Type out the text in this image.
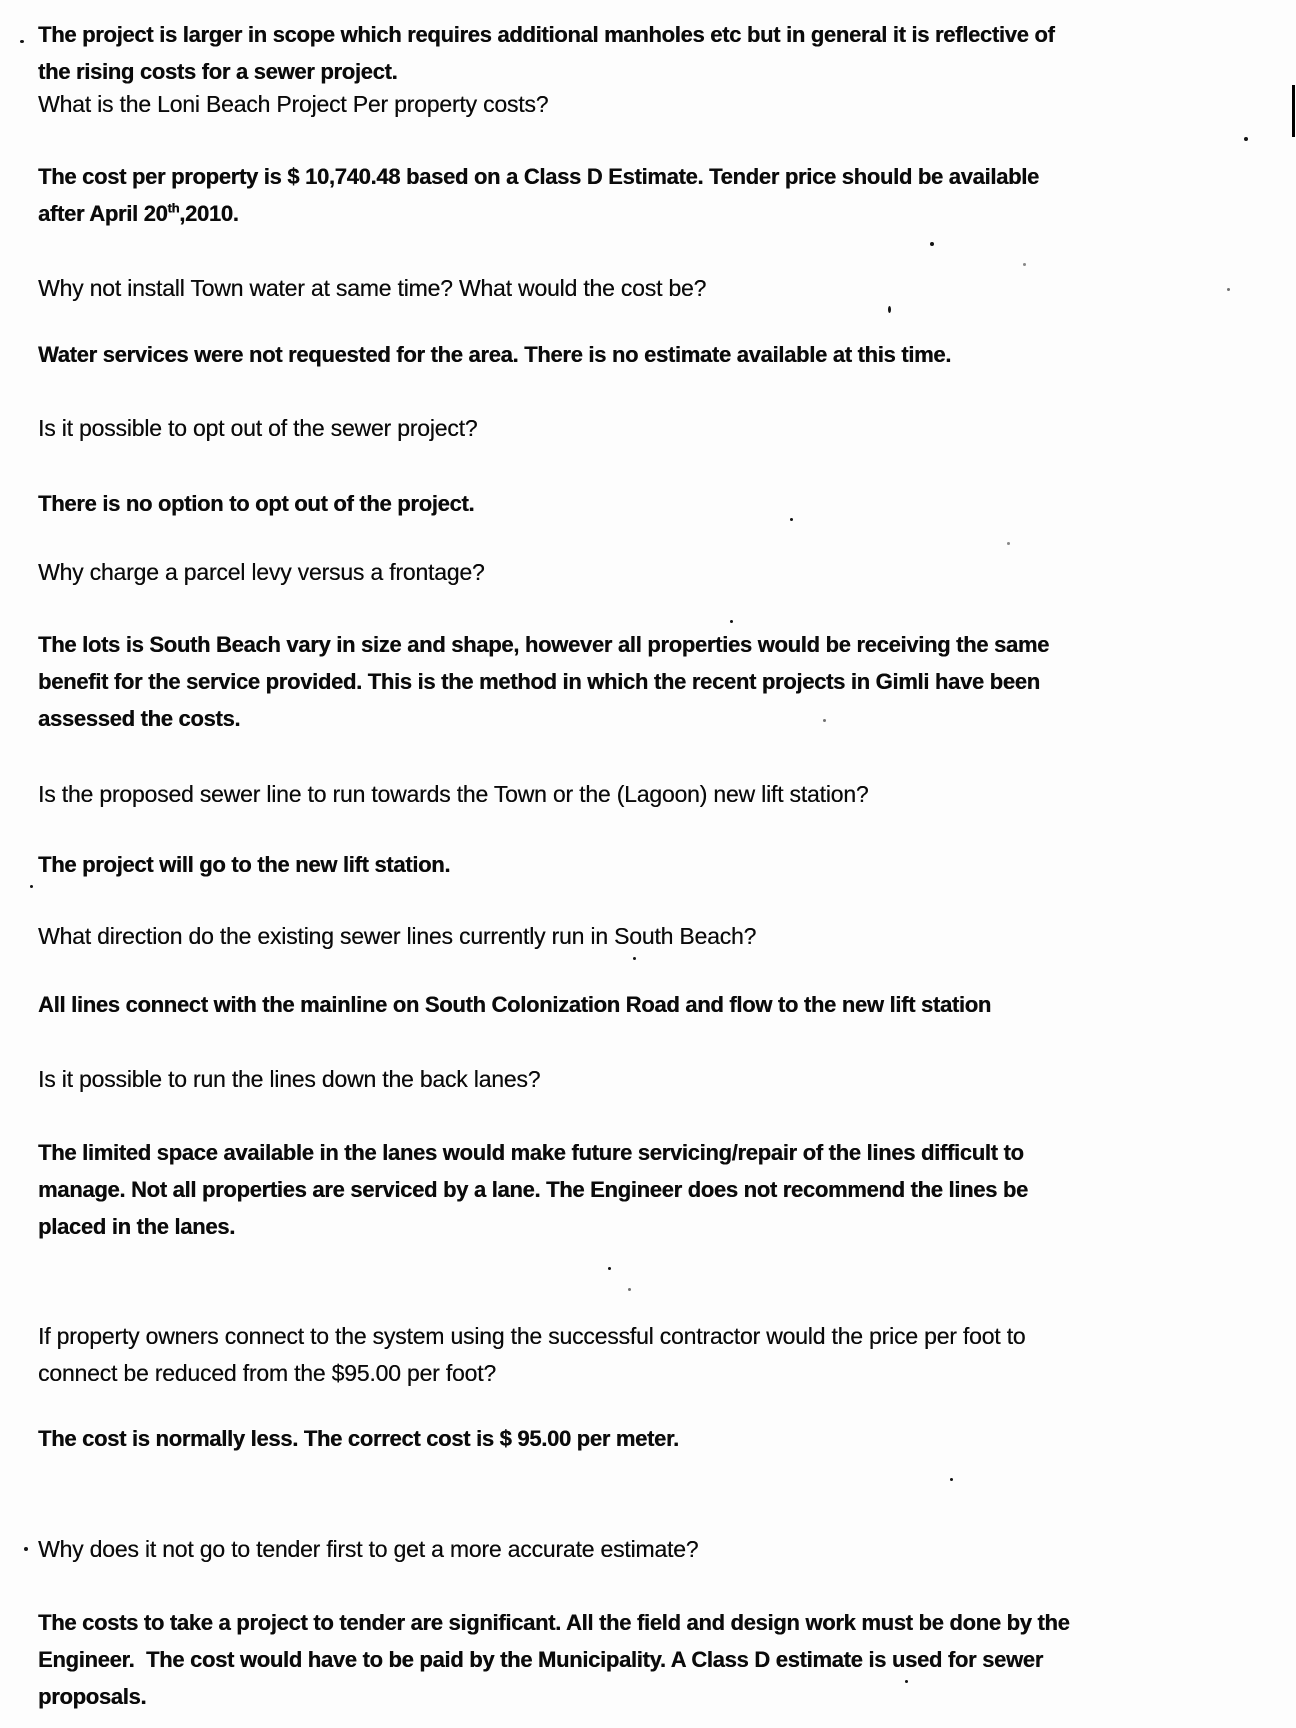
The project is larger in scope which requires additional manholes etc but in general it is reflective of
the rising costs for a sewer project.
What is the Loni Beach Project Per property costs?
The cost per property is $ 10,740.48 based on a Class D Estimate. Tender price should be available
after April 20th,2010.
Why not install Town water at same time? What would the cost be?
Water services were not requested for the area. There is no estimate available at this time.
Is it possible to opt out of the sewer project?
There is no option to opt out of the project.
Why charge a parcel levy versus a frontage?
The lots is South Beach vary in size and shape, however all properties would be receiving the same
benefit for the service provided. This is the method in which the recent projects in Gimli have been
assessed the costs.
Is the proposed sewer line to run towards the Town or the (Lagoon) new lift station?
The project will go to the new lift station.
What direction do the existing sewer lines currently run in South Beach?
All lines connect with the mainline on South Colonization Road and flow to the new lift station
Is it possible to run the lines down the back lanes?
The limited space available in the lanes would make future servicing/repair of the lines difficult to
manage. Not all properties are serviced by a lane. The Engineer does not recommend the lines be
placed in the lanes.
If property owners connect to the system using the successful contractor would the price per foot to
connect be reduced from the $95.00 per foot?
The cost is normally less. The correct cost is $ 95.00 per meter.
Why does it not go to tender first to get a more accurate estimate?
The costs to take a project to tender are significant. All the field and design work must be done by the
Engineer.  The cost would have to be paid by the Municipality. A Class D estimate is used for sewer
proposals.
